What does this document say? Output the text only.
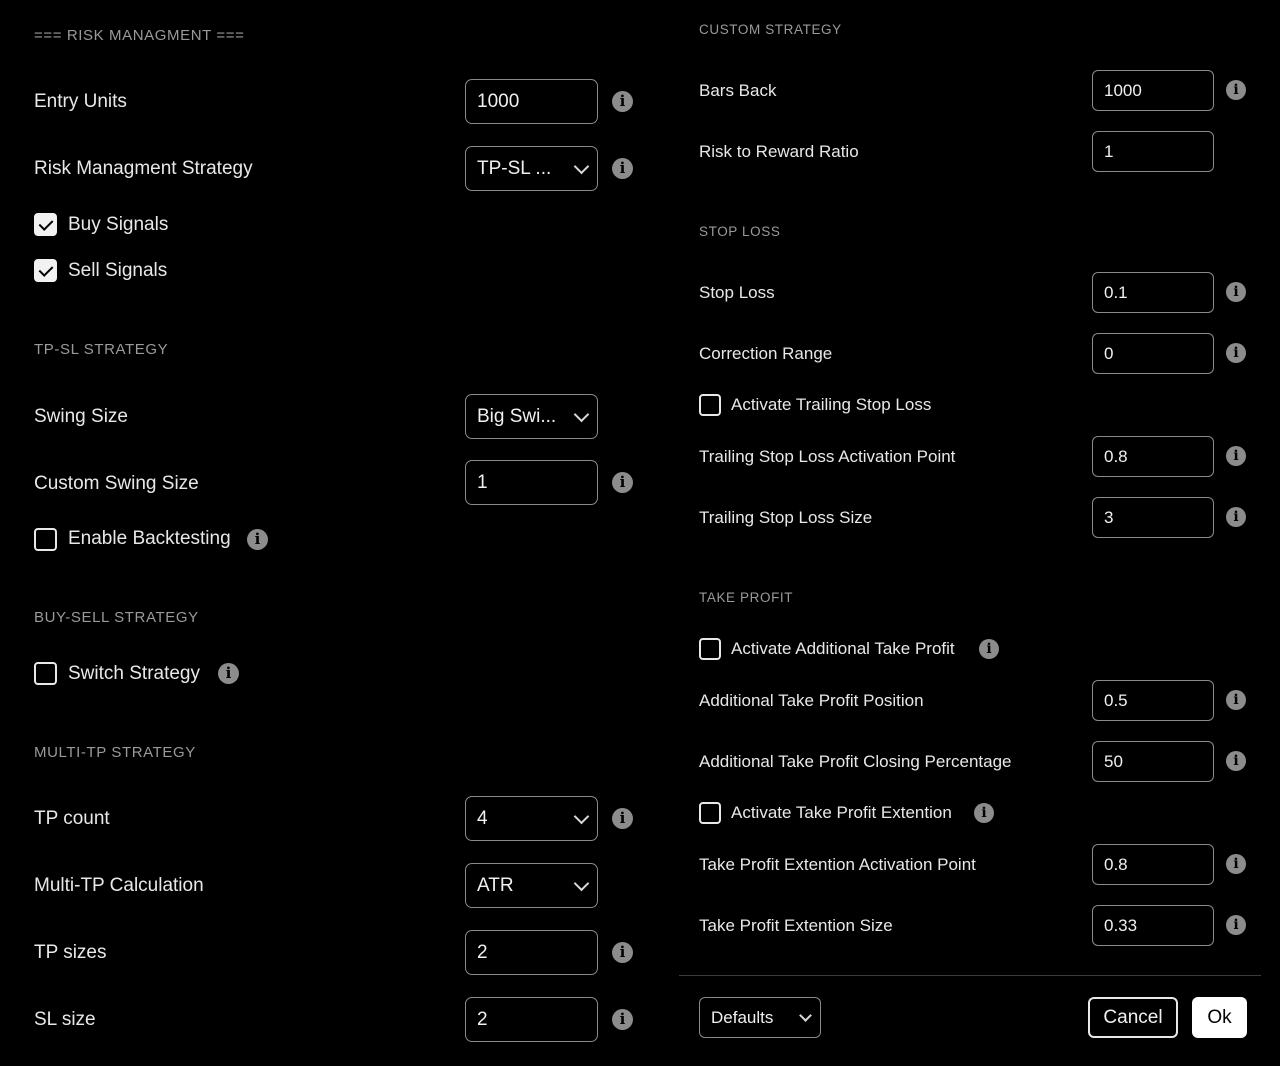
=== RISK MANAGMENT ===
Entry Units	1000	i
Risk Managment Strategy	TP-SL ...	i
Buy Signals
Sell Signals
TP-SL STRATEGY
Swing Size	Big Swi...
Custom Swing Size	1	i
Enable Backtesting	i
BUY-SELL STRATEGY
Switch Strategy	i
MULTI-TP STRATEGY
TP count	4	i
Multi-TP Calculation	ATR
TP sizes	2	i
SL size	2	i
CUSTOM STRATEGY
Bars Back	1000	i
Risk to Reward Ratio	1
STOP LOSS
Stop Loss	0.1	i
Correction Range	0	i
Activate Trailing Stop Loss
Trailing Stop Loss Activation Point	0.8	i
Trailing Stop Loss Size	3	i
TAKE PROFIT
Activate Additional Take Profit	i
Additional Take Profit Position	0.5	i
Additional Take Profit Closing Percentage	50	i
Activate Take Profit Extention	i
Take Profit Extention Activation Point	0.8	i
Take Profit Extention Size	0.33	i
Defaults	Cancel	Ok
